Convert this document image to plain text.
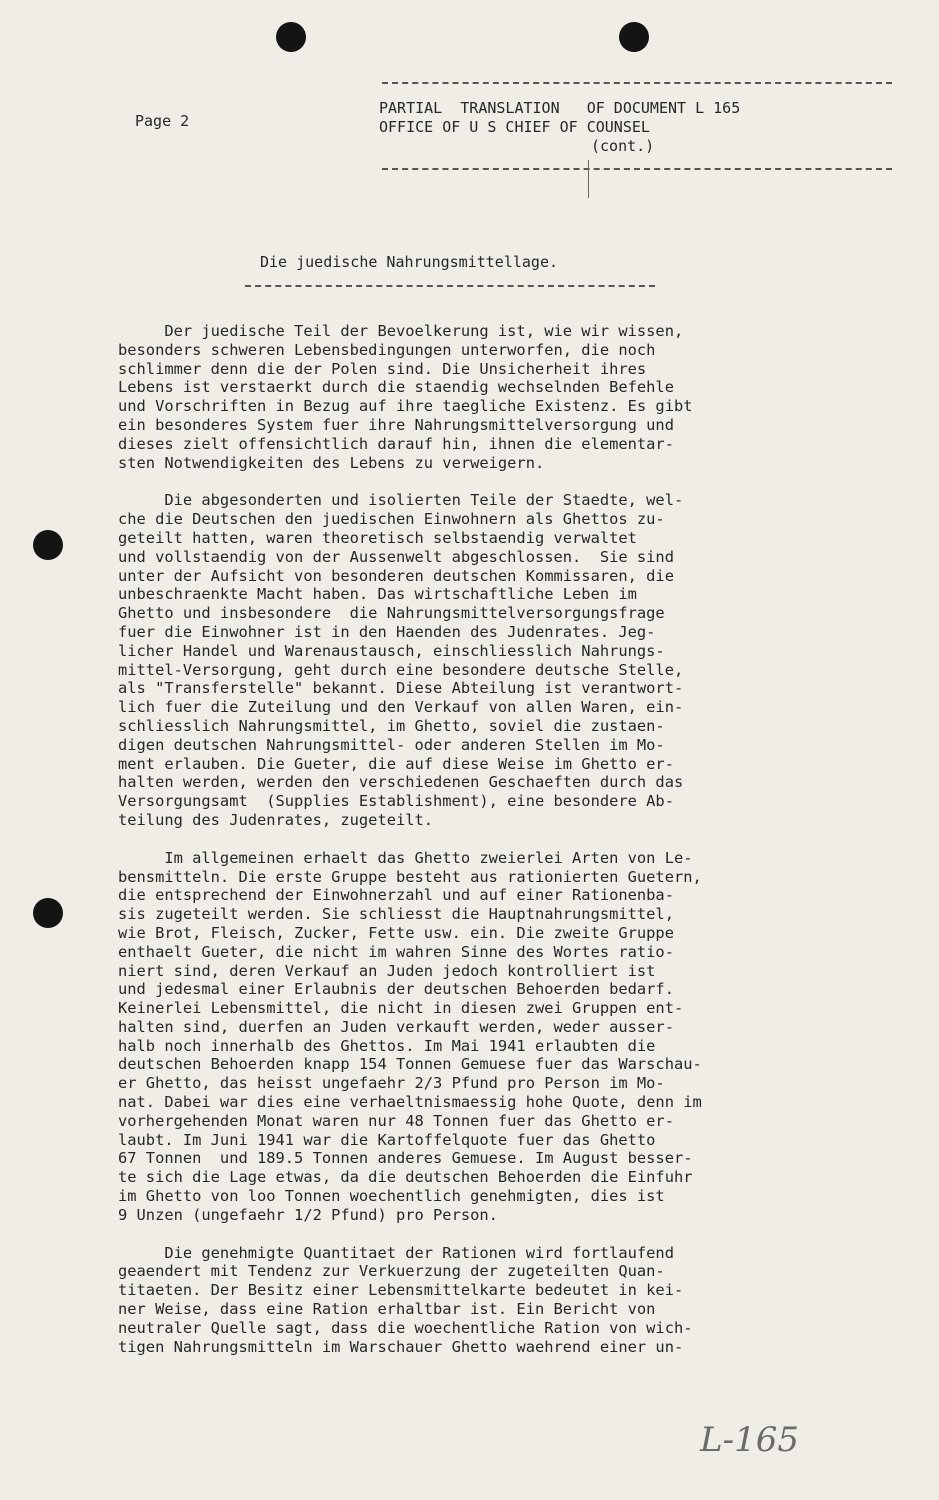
Page 2
PARTIAL  TRANSLATION   OF DOCUMENT L 165
OFFICE OF U S CHIEF OF COUNSEL
(cont.)
Die juedische Nahrungsmittellage.
Der juedische Teil der Bevoelkerung ist, wie wir wissen,
besonders schweren Lebensbedingungen unterworfen, die noch
schlimmer denn die der Polen sind. Die Unsicherheit ihres
Lebens ist verstaerkt durch die staendig wechselnden Befehle
und Vorschriften in Bezug auf ihre taegliche Existenz. Es gibt
ein besonderes System fuer ihre Nahrungsmittelversorgung und
dieses zielt offensichtlich darauf hin, ihnen die elementar-
sten Notwendigkeiten des Lebens zu verweigern.
Die abgesonderten und isolierten Teile der Staedte, wel-
che die Deutschen den juedischen Einwohnern als Ghettos zu-
geteilt hatten, waren theoretisch selbstaendig verwaltet
und vollstaendig von der Aussenwelt abgeschlossen.  Sie sind
unter der Aufsicht von besonderen deutschen Kommissaren, die
unbeschraenkte Macht haben. Das wirtschaftliche Leben im
Ghetto und insbesondere  die Nahrungsmittelversorgungsfrage
fuer die Einwohner ist in den Haenden des Judenrates. Jeg-
licher Handel und Warenaustausch, einschliesslich Nahrungs-
mittel-Versorgung, geht durch eine besondere deutsche Stelle,
als "Transferstelle" bekannt. Diese Abteilung ist verantwort-
lich fuer die Zuteilung und den Verkauf von allen Waren, ein-
schliesslich Nahrungsmittel, im Ghetto, soviel die zustaen-
digen deutschen Nahrungsmittel- oder anderen Stellen im Mo-
ment erlauben. Die Gueter, die auf diese Weise im Ghetto er-
halten werden, werden den verschiedenen Geschaeften durch das
Versorgungsamt  (Supplies Establishment), eine besondere Ab-
teilung des Judenrates, zugeteilt.
Im allgemeinen erhaelt das Ghetto zweierlei Arten von Le-
bensmitteln. Die erste Gruppe besteht aus rationierten Guetern,
die entsprechend der Einwohnerzahl und auf einer Rationenba-
sis zugeteilt werden. Sie schliesst die Hauptnahrungsmittel,
wie Brot, Fleisch, Zucker, Fette usw. ein. Die zweite Gruppe
enthaelt Gueter, die nicht im wahren Sinne des Wortes ratio-
niert sind, deren Verkauf an Juden jedoch kontrolliert ist
und jedesmal einer Erlaubnis der deutschen Behoerden bedarf.
Keinerlei Lebensmittel, die nicht in diesen zwei Gruppen ent-
halten sind, duerfen an Juden verkauft werden, weder ausser-
halb noch innerhalb des Ghettos. Im Mai 1941 erlaubten die
deutschen Behoerden knapp 154 Tonnen Gemuese fuer das Warschau-
er Ghetto, das heisst ungefaehr 2/3 Pfund pro Person im Mo-
nat. Dabei war dies eine verhaeltnismaessig hohe Quote, denn im
vorhergehenden Monat waren nur 48 Tonnen fuer das Ghetto er-
laubt. Im Juni 1941 war die Kartoffelquote fuer das Ghetto
67 Tonnen  und 189.5 Tonnen anderes Gemuese. Im August besser-
te sich die Lage etwas, da die deutschen Behoerden die Einfuhr
im Ghetto von loo Tonnen woechentlich genehmigten, dies ist
9 Unzen (ungefaehr 1/2 Pfund) pro Person.
Die genehmigte Quantitaet der Rationen wird fortlaufend
geaendert mit Tendenz zur Verkuerzung der zugeteilten Quan-
titaeten. Der Besitz einer Lebensmittelkarte bedeutet in kei-
ner Weise, dass eine Ration erhaltbar ist. Ein Bericht von
neutraler Quelle sagt, dass die woechentliche Ration von wich-
tigen Nahrungsmitteln im Warschauer Ghetto waehrend einer un-
L-165
